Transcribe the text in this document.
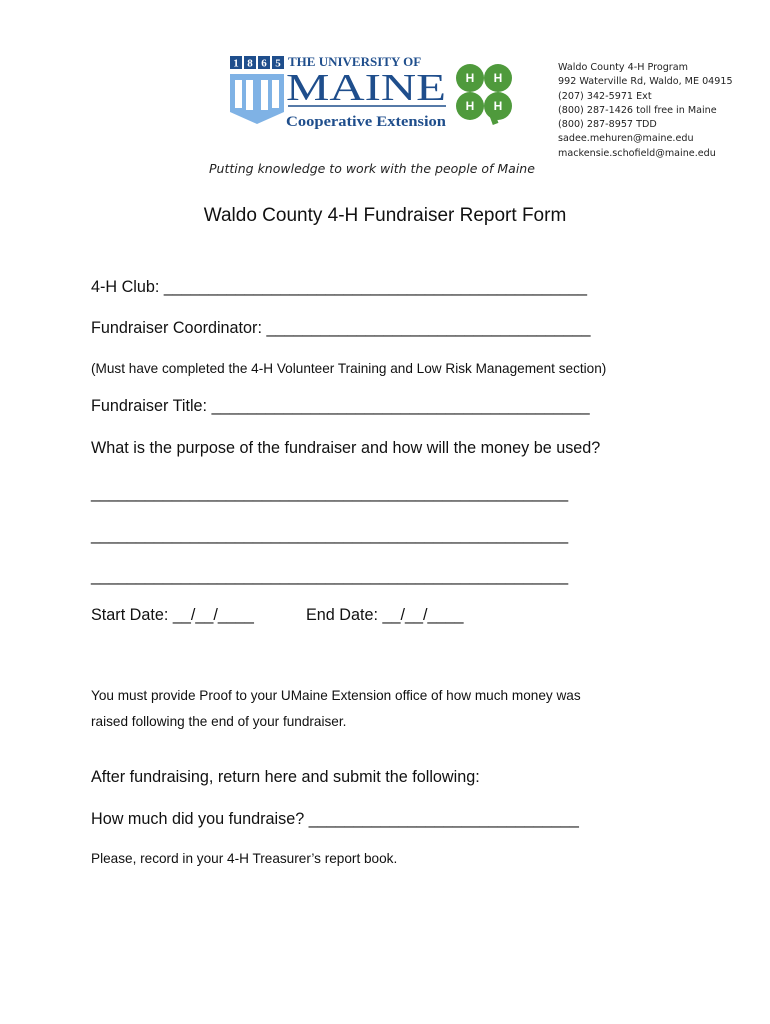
1 8 6 5 THE UNIVERSITY OF
MAINE
Cooperative Extension
H H
H H
Putting knowledge to work with the people of Maine
Waldo County 4-H Program
992 Waterville Rd, Waldo, ME 04915
(207) 342-5971 Ext
(800) 287-1426 toll free in Maine
(800) 287-8957 TDD
sadee.mehuren@maine.edu
mackensie.schofield@maine.edu
Waldo County 4-H Fundraiser Report Form
4-H Club: _______________________________________________
Fundraiser Coordinator: ____________________________________
(Must have completed the 4-H Volunteer Training and Low Risk Management section)
Fundraiser Title: __________________________________________
What is the purpose of the fundraiser and how will the money be used?
_____________________________________________________
_____________________________________________________
_____________________________________________________
Start Date: __/__/____	End Date: __/__/____
You must provide Proof to your UMaine Extension office of how much money was
raised following the end of your fundraiser.
After fundraising, return here and submit the following:
How much did you fundraise? ______________________________
Please, record in your 4-H Treasurer’s report book.
